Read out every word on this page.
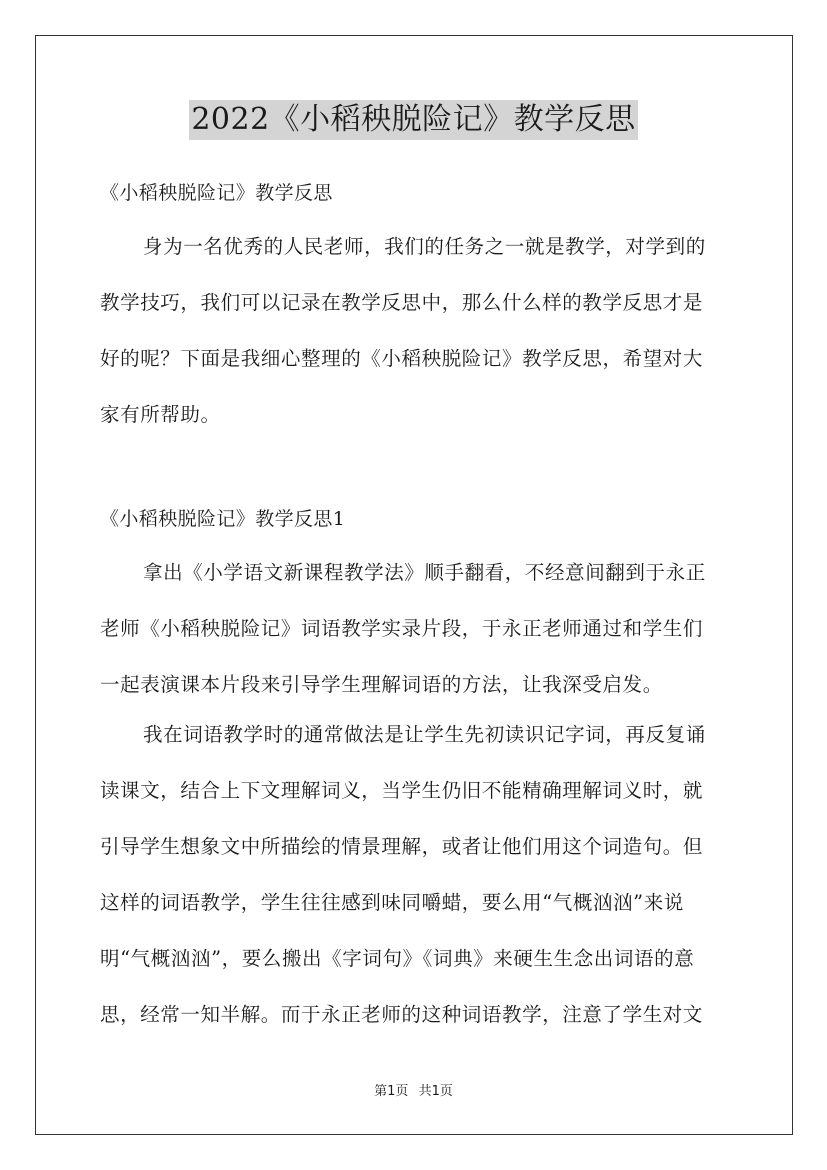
2022《小稻秧脱险记》教学反思
《小稻秧脱险记》教学反思

身为一名优秀的人民老师，我们的任务之一就是教学，对学到的
教学技巧，我们可以记录在教学反思中，那么什么样的教学反思才是
好的呢？下面是我细心整理的《小稻秧脱险记》教学反思，希望对大
家有所帮助。

《小稻秧脱险记》教学反思1

拿出《小学语文新课程教学法》顺手翻看，不经意间翻到于永正
老师《小稻秧脱险记》词语教学实录片段，于永正老师通过和学生们
一起表演课本片段来引导学生理解词语的方法，让我深受启发。

我在词语教学时的通常做法是让学生先初读识记字词，再反复诵
读课文，结合上下文理解词义，当学生仍旧不能精确理解词义时，就
引导学生想象文中所描绘的情景理解，或者让他们用这个词造句。但
这样的词语教学，学生往往感到味同嚼蜡，要么用“气概汹汹”来说
明“气概汹汹”，要么搬出《字词句》《词典》来硬生生念出词语的意
思，经常一知半解。而于永正老师的这种词语教学，注意了学生对文

第1页 共1页
